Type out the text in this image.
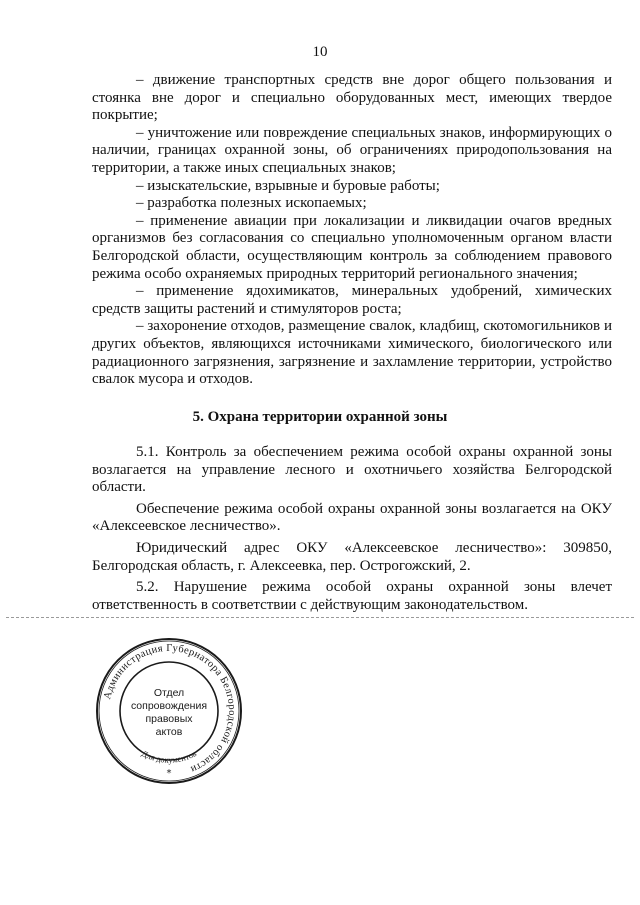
10

– движение транспортных средств вне дорог общего пользования и стоянка вне дорог и специально оборудованных мест, имеющих твердое покрытие;

– уничтожение или повреждение специальных знаков, информирующих о наличии, границах охранной зоны, об ограничениях природопользования на территории, а также иных специальных знаков;

– изыскательские, взрывные и буровые работы;

– разработка полезных ископаемых;

– применение авиации при локализации и ликвидации очагов вредных организмов без согласования со специально уполномоченным органом власти Белгородской области, осуществляющим контроль за соблюдением правового режима особо охраняемых природных территорий регионального значения;

– применение ядохимикатов, минеральных удобрений, химических средств защиты растений и стимуляторов роста;

– захоронение отходов, размещение свалок, кладбищ, скотомогильников и других объектов, являющихся источниками химического, биологического или радиационного загрязнения, загрязнение и захламление территории, устройство свалок мусора и отходов.

5. Охрана территории охранной зоны

5.1. Контроль за обеспечением режима особой охраны охранной зоны возлагается на управление лесного и охотничьего хозяйства Белгородской области.

Обеспечение режима особой охраны охранной зоны возлагается на ОКУ «Алексеевское лесничество».

Юридический адрес ОКУ «Алексеевское лесничество»: 309850, Белгородская область, г. Алексеевка, пер. Острогожский, 2.

5.2. Нарушение режима особой охраны охранной зоны влечет ответственность в соответствии с действующим законодательством.

Администрация Губернатора Белгородской области
Для документов
Отдел
сопровождения
правовых
актов
*
